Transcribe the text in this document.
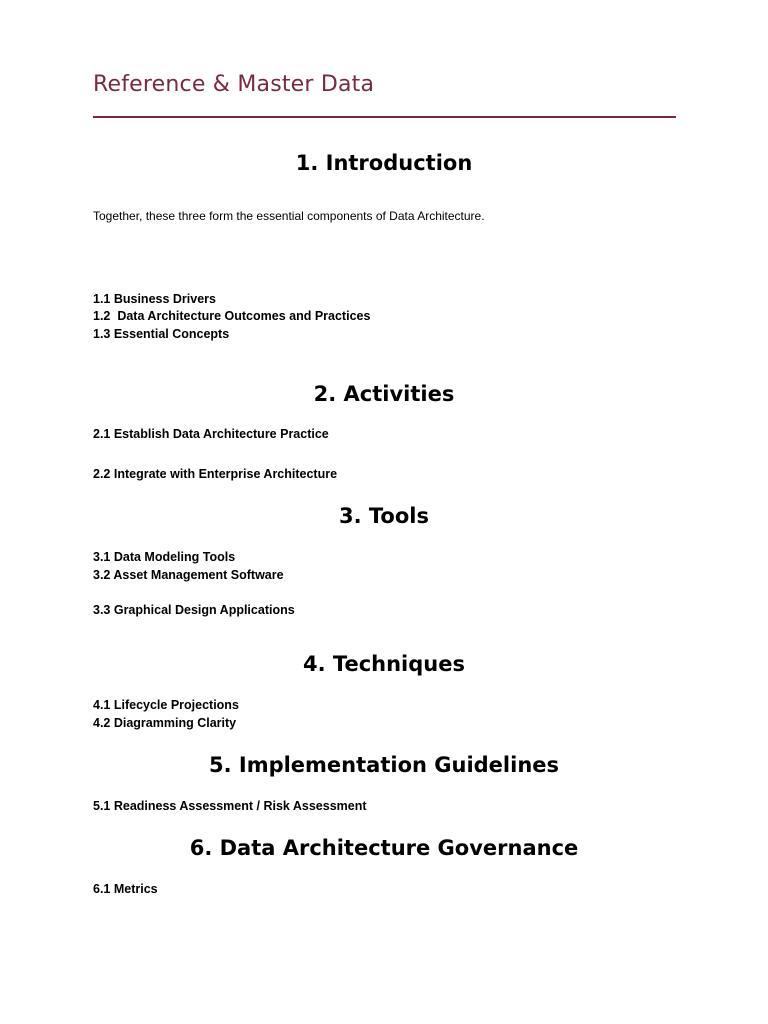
Reference & Master Data
1. Introduction

Together, these three form the essential components of Data Architecture.

1.1 Business Drivers

1.2  Data Architecture Outcomes and Practices

1.3 Essential Concepts

2. Activities

2.1 Establish Data Architecture Practice

2.2 Integrate with Enterprise Architecture

3. Tools

3.1 Data Modeling Tools

3.2 Asset Management Software

3.3 Graphical Design Applications

4. Techniques

4.1 Lifecycle Projections

4.2 Diagramming Clarity

5. Implementation Guidelines

5.1 Readiness Assessment / Risk Assessment

6. Data Architecture Governance

6.1 Metrics
